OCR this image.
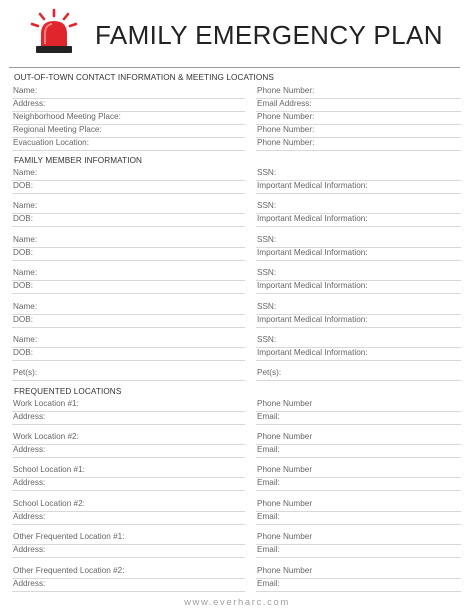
FAMILY EMERGENCY PLAN
OUT-OF-TOWN CONTACT INFORMATION & MEETING LOCATIONS
Name:	Phone Number:
Address:	Email Address:
Neighborhood Meeting Place:	Phone Number:
Regional Meeting Place:	Phone Number:
Evacuation Location:	Phone Number:
FAMILY MEMBER INFORMATION
Name:	SSN:
DOB:	Important Medical Information:
Name:	SSN:
DOB:	Important Medical Information:
Name:	SSN:
DOB:	Important Medical Information:
Name:	SSN:
DOB:	Important Medical Information:
Name:	SSN:
DOB:	Important Medical Information:
Name:	SSN:
DOB:	Important Medical Information:
Pet(s):	Pet(s):
FREQUENTED LOCATIONS
Work Location #1:	Phone Number
Address:	Email:
Work Location #2:	Phone Number
Address:	Email:
School Location #1:	Phone Number
Address:	Email:
School Location #2:	Phone Number
Address:	Email:
Other Frequented Location #1:	Phone Number
Address:	Email:
Other Frequented Location #2:	Phone Number
Address:	Email:
www.everharc.com
